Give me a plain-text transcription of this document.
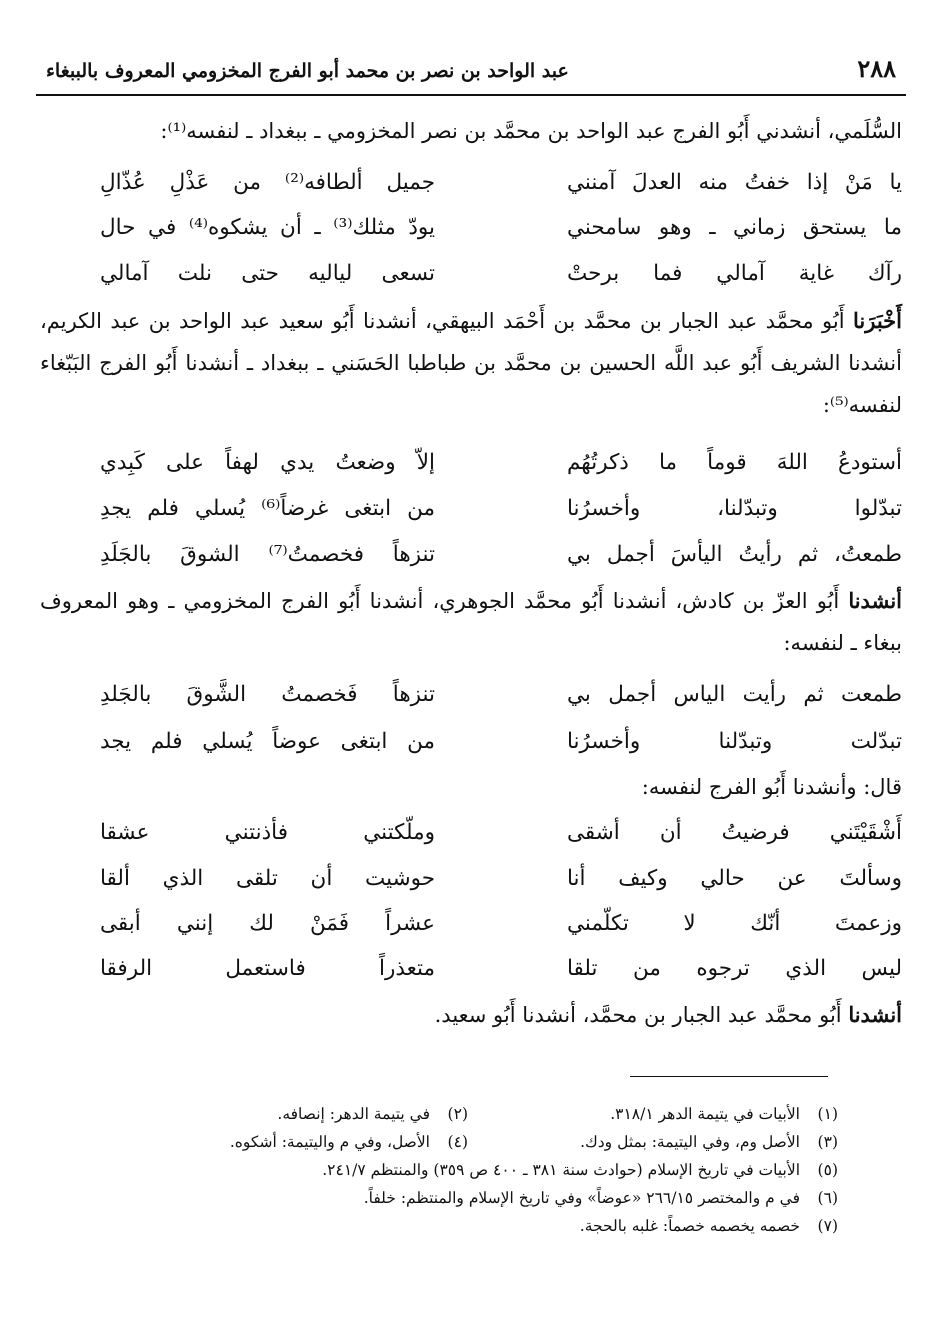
٢٨٨
عبد الواحد بن نصر بن محمد أبو الفرج المخزومي المعروف بالببغاء
السُّلَمي، أنشدني أَبُو الفرج عبد الواحد بن محمَّد بن نصر المخزومي ـ ببغداد ـ لنفسه⁽¹⁾:
يا مَنْ إذا خفتُ منه العدلَ آمنني
جميل ألطافه⁽²⁾ من عَذْلِ عُذّالِ
ما يستحق زماني ـ وهو سامحني
يودّ مثلك⁽³⁾ ـ أن يشكوه⁽⁴⁾ في حال
رآك غاية آمالي فما برحتْ
تسعى لياليه حتى نلت آمالي
أَخْبَرَنا أَبُو محمَّد عبد الجبار بن محمَّد بن أَحْمَد البيهقي، أنشدنا أَبُو سعيد عبد الواحد بن عبد الكريم، أنشدنا الشريف أَبُو عبد اللَّه الحسين بن محمَّد بن طباطبا الحَسَني ـ ببغداد ـ أنشدنا أَبُو الفرج البَبّغاء لنفسه⁽⁵⁾:
أستودعُ اللهَ قوماً ما ذكرتُهُم
إلاّ وضعتُ يدي لهفاً على كَبِدي
تبدّلوا وتبدّلنا، وأخسرُنا
من ابتغى غرضاً⁽⁶⁾ يُسلي فلم يجدِ
طمعتُ، ثم رأيتُ اليأسَ أجمل بي
تنزهاً فخصمتُ⁽⁷⁾ الشوقَ بالجَلَدِ
أنشدنا أَبُو العزّ بن كادش، أنشدنا أَبُو محمَّد الجوهري، أنشدنا أَبُو الفرج المخزومي ـ وهو المعروف ببغاء ـ لنفسه:
طمعت ثم رأيت الياس أجمل بي
تنزهاً فَخصمتُ الشَّوقَ بالجَلدِ
تبدّلت وتبدّلنا وأخسرُنا
من ابتغى عوضاً يُسلي فلم يجد
قال: وأنشدنا أَبُو الفرج لنفسه:
أَشْقَيْتَني فرضيتُ أن أشقى
وملّكتني فأذنتني عشقا
وسألتَ عن حالي وكيف أنا
حوشيت أن تلقى الذي ألقا
وزعمتَ أنّك لا تكلّمني
عشراً فَمَنْ لك إنني أبقى
ليس الذي ترجوه من تلقا
متعذراً فاستعمل الرفقا
أنشدنا أَبُو محمَّد عبد الجبار بن محمَّد، أنشدنا أَبُو سعيد.
(١)الأبيات في يتيمة الدهر ٣١٨/١.
(٢)في يتيمة الدهر: إنصافه.
(٣)الأصل وم، وفي اليتيمة: بمثل ودك.
(٤)الأصل، وفي م واليتيمة: أشكوه.
(٥)الأبيات في تاريخ الإسلام (حوادث سنة ٣٨١ ـ ٤٠٠ ص ٣٥٩) والمنتظم ٢٤١/٧.
(٦)في م والمختصر ٢٦٦/١٥ «عوضاً» وفي تاريخ الإسلام والمنتظم: خلفاً.
(٧)خصمه يخصمه خصماً: غلبه بالحجة.
